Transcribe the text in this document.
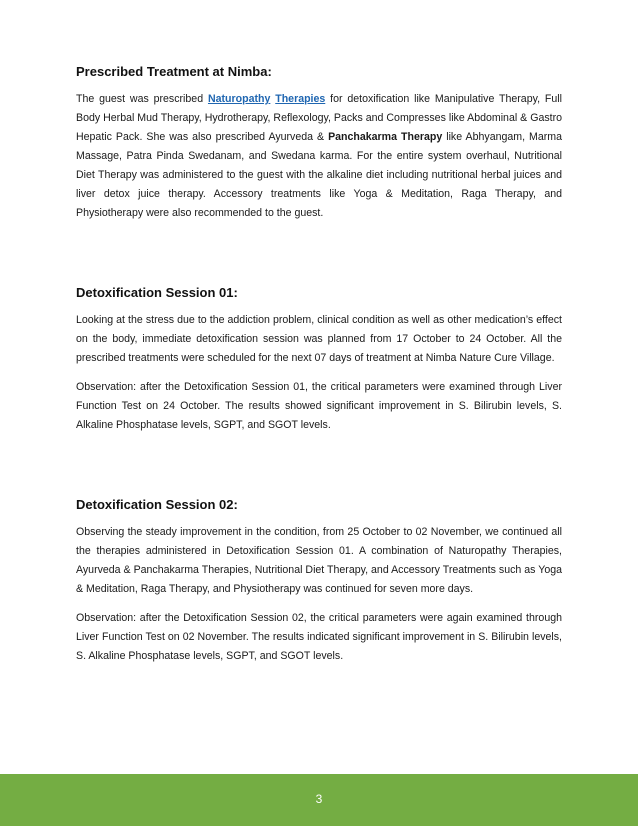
Prescribed Treatment at Nimba:

The guest was prescribed Naturopathy Therapies for detoxification like Manipulative Therapy, Full Body Herbal Mud Therapy, Hydrotherapy, Reflexology, Packs and Compresses like Abdominal & Gastro Hepatic Pack. She was also prescribed Ayurveda & Panchakarma Therapy like Abhyangam, Marma Massage, Patra Pinda Swedanam, and Swedana karma. For the entire system overhaul, Nutritional Diet Therapy was administered to the guest with the alkaline diet including nutritional herbal juices and liver detox juice therapy. Accessory treatments like Yoga & Meditation, Raga Therapy, and Physiotherapy were also recommended to the guest.

Detoxification Session 01:

Looking at the stress due to the addiction problem, clinical condition as well as other medication’s effect on the body, immediate detoxification session was planned from 17 October to 24 October. All the prescribed treatments were scheduled for the next 07 days of treatment at Nimba Nature Cure Village.

Observation: after the Detoxification Session 01, the critical parameters were examined through Liver Function Test on 24 October. The results showed significant improvement in S. Bilirubin levels, S. Alkaline Phosphatase levels, SGPT, and SGOT levels.

Detoxification Session 02:

Observing the steady improvement in the condition, from 25 October to 02 November, we continued all the therapies administered in Detoxification Session 01. A combination of Naturopathy Therapies, Ayurveda & Panchakarma Therapies, Nutritional Diet Therapy, and Accessory Treatments such as Yoga & Meditation, Raga Therapy, and Physiotherapy was continued for seven more days.

Observation: after the Detoxification Session 02, the critical parameters were again examined through Liver Function Test on 02 November. The results indicated significant improvement in S. Bilirubin levels, S. Alkaline Phosphatase levels, SGPT, and SGOT levels.

3
